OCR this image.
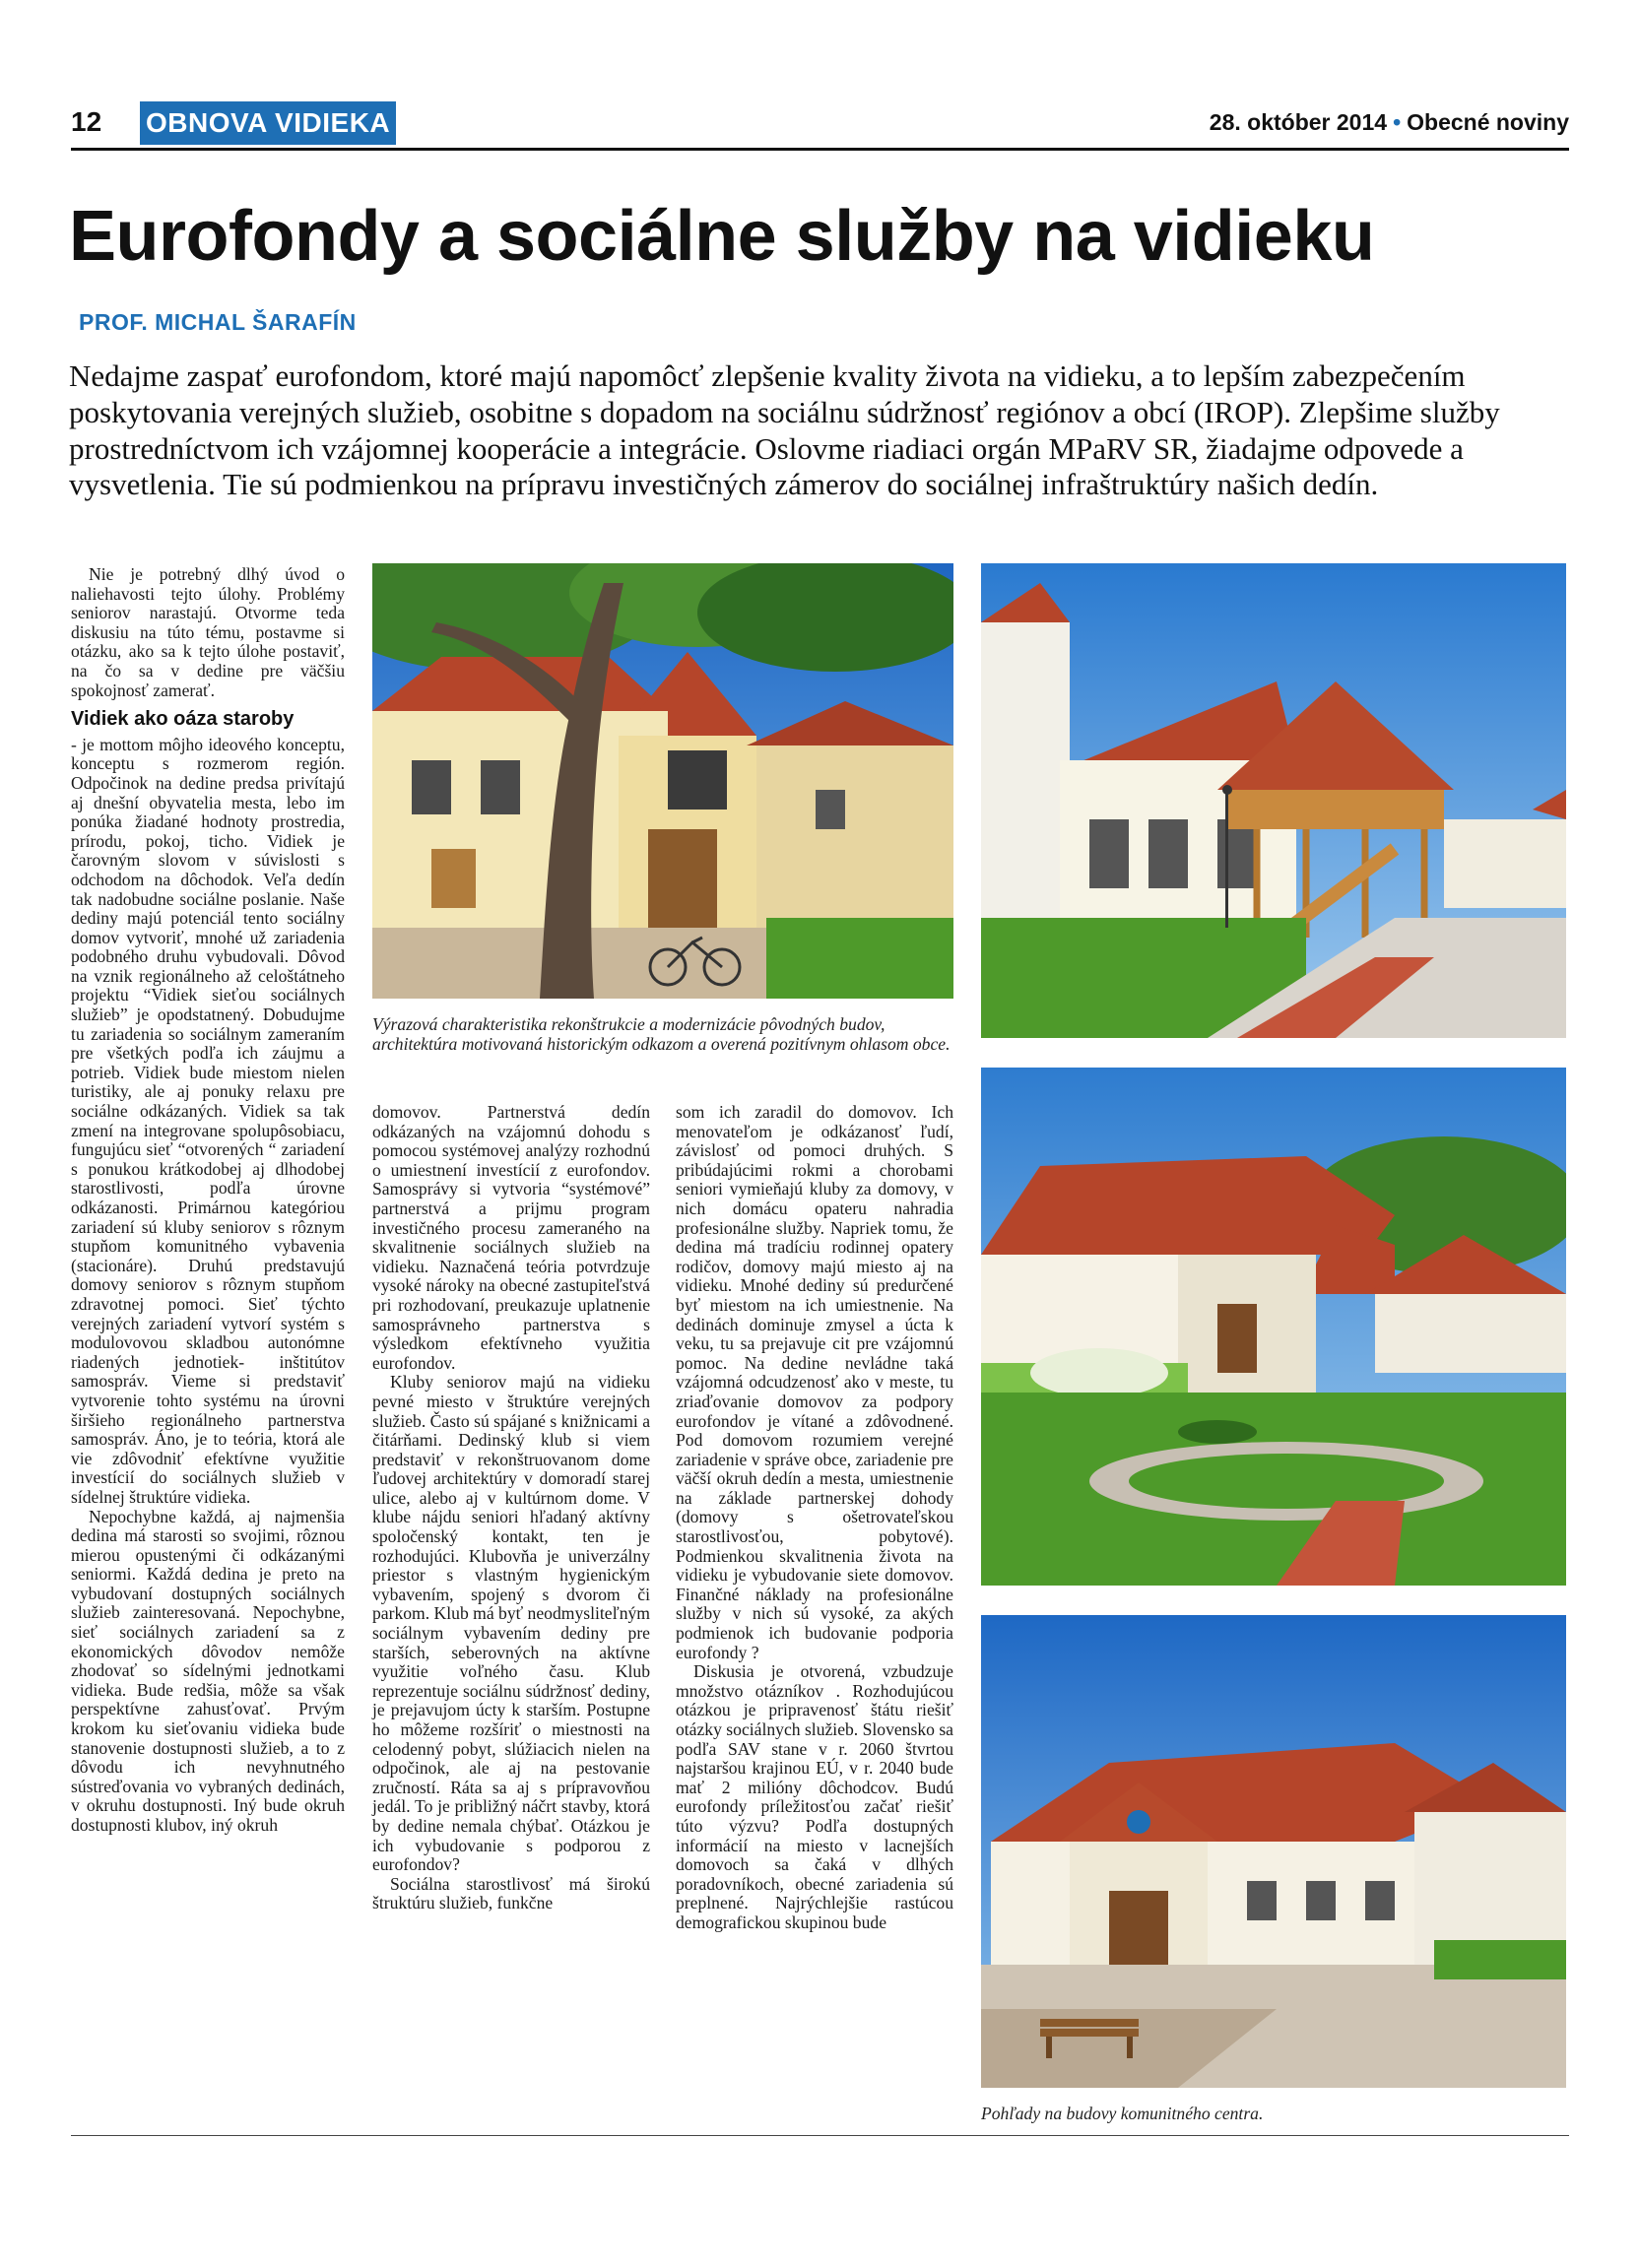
12 OBNOVA VIDIEKA	28. október 2014 • Obecné noviny
Eurofondy a sociálne služby na vidieku
PROF. MICHAL ŠARAFÍN
Nedajme zaspať eurofondom, ktoré majú napomôcť zlepšenie kvality života na vidieku, a to lepším zabezpečením poskytovania verejných služieb, osobitne s dopadom na sociálnu súdržnosť regiónov a obcí (IROP). Zlepšime služby prostredníctvom ich vzájomnej kooperácie a integrácie. Oslovme riadiaci orgán MPaRV SR, žiadajme odpovede a vysvetlenia. Tie sú podmienkou na prípravu investičných zámerov do sociálnej infraštruktúry našich dedín.

Nie je potrebný dlhý úvod o naliehavosti tejto úlohy. Problémy seniorov narastajú. Otvorme teda diskusiu na túto tému, postavme si otázku, ako sa k tejto úlohe postaviť, na čo sa v dedine pre väčšiu spokojnosť zamerať.

Vidiek ako oáza staroby

- je mottom môjho ideového konceptu, konceptu s rozmerom región. Odpočinok na dedine predsa privítajú aj dnešní obyvatelia mesta, lebo im ponúka žiadané hodnoty prostredia, prírodu, pokoj, ticho. Vidiek je čarovným slovom v súvislosti s odchodom na dôchodok. Veľa dedín tak nadobudne sociálne poslanie. Naše dediny majú potenciál tento sociálny domov vytvoriť, mnohé už zariadenia podobného druhu vybudovali. Dôvod na vznik regionálneho až celoštátneho projektu “Vidiek sieťou sociálnych služieb” je opodstatnený. Dobudujme tu zariadenia so sociálnym zameraním pre všetkých podľa ich záujmu a potrieb. Vidiek bude miestom nielen turistiky, ale aj ponuky relaxu pre sociálne odkázaných. Vidiek sa tak zmení na integrovane spolupôsobiacu, fungujúcu sieť “otvorených “ zariadení s ponukou krátkodobej aj dlhodobej starostlivosti, podľa úrovne odkázanosti. Primárnou kategóriou zariadení sú kluby seniorov s rôznym stupňom komunitného vybavenia (stacionáre). Druhú predstavujú domovy seniorov s rôznym stupňom zdravotnej pomoci. Sieť týchto verejných zariadení vytvorí systém s modulovovou skladbou autonómne riadených jednotiek- inštitútov samospráv. Vieme si predstaviť vytvorenie tohto systému na úrovni širšieho regionálneho partnerstva samospráv. Áno, je to teória, ktorá ale vie zdôvodniť efektívne využitie investícií do sociálnych služieb v sídelnej štruktúre vidieka.

Nepochybne každá, aj najmenšia dedina má starosti so svojimi, rôznou mierou opustenými či odkázanými seniormi. Každá dedina je preto na vybudovaní dostupných sociálnych služieb zainteresovaná. Nepochybne, sieť sociálnych zariadení sa z ekonomických dôvodov nemôže zhodovať so sídelnými jednotkami vidieka. Bude redšia, môže sa však perspektívne zahusťovať. Prvým krokom ku sieťovaniu vidieka bude stanovenie dostupnosti služieb, a to z dôvodu ich nevyhnutného sústreďovania vo vybraných dedinách, v okruhu dostupnosti. Iný bude okruh dostupnosti klubov, iný okruh

Výrazová charakteristika rekonštrukcie a modernizácie pôvodných budov, architektúra motivovaná historickým odkazom a overená pozitívnym ohlasom obce.

domovov. Partnerstvá dedín odkázaných na vzájomnú dohodu s pomocou systémovej analýzy rozhodnú o umiestnení investícií z eurofondov. Samosprávy si vytvoria “systémové” partnerstvá a prijmu program investičného procesu zameraného na skvalitnenie sociálnych služieb na vidieku. Naznačená teória potvrdzuje vysoké nároky na obecné zastupiteľstvá pri rozhodovaní, preukazuje uplatnenie samosprávneho partnerstva s výsledkom efektívneho využitia eurofondov.

Kluby seniorov majú na vidieku pevné miesto v štruktúre verejných služieb. Často sú spájané s knižnicami a čitárňami. Dedinský klub si viem predstaviť v rekonštruovanom dome ľudovej architektúry v domoradí starej ulice, alebo aj v kultúrnom dome. V klube nájdu seniori hľadaný aktívny spoločenský kontakt, ten je rozhodujúci. Klubovňa je univerzálny priestor s vlastným hygienickým vybavením, spojený s dvorom či parkom. Klub má byť neodmysliteľným sociálnym vybavením dediny pre starších, seberovných na aktívne využitie voľného času. Klub reprezentuje sociálnu súdržnosť dediny, je prejavujom úcty k starším. Postupne ho môžeme rozšíriť o miestnosti na celodenný pobyt, slúžiacich nielen na odpočinok, ale aj na pestovanie zručností. Ráta sa aj s prípravovňou jedál. To je približný náčrt stavby, ktorá by dedine nemala chýbať. Otázkou je ich vybudovanie s podporou z eurofondov?

Sociálna starostlivosť má širokú štruktúru služieb, funkčne

som ich zaradil do domovov. Ich menovateľom je odkázanosť ľudí, závislosť od pomoci druhých. S pribúdajúcimi rokmi a chorobami seniori vymieňajú kluby za domovy, v nich domácu opateru nahradia profesionálne služby. Napriek tomu, že dedina má tradíciu rodinnej opatery rodičov, domovy majú miesto aj na vidieku. Mnohé dediny sú predurčené byť miestom na ich umiestnenie. Na dedinách dominuje zmysel a úcta k veku, tu sa prejavuje cit pre vzájomnú pomoc. Na dedine nevládne taká vzájomná odcudzenosť ako v meste, tu zriaďovanie domovov za podpory eurofondov je vítané a zdôvodnené. Pod domovom rozumiem verejné zariadenie v správe obce, zariadenie pre väčší okruh dedín a mesta, umiestnenie na základe partnerskej dohody (domovy s ošetrovateľskou starostlivosťou, pobytové). Podmienkou skvalitnenia života na vidieku je vybudovanie siete domovov. Finančné náklady na profesionálne služby v nich sú vysoké, za akých podmienok ich budovanie podporia eurofondy ?

Diskusia je otvorená, vzbudzuje množstvo otázníkov . Rozhodujúcou otázkou je pripravenosť štátu riešiť otázky sociálnych služieb. Slovensko sa podľa SAV stane v r. 2060 štvrtou najstaršou krajinou EÚ, v r. 2040 bude mať 2 milióny dôchodcov. Budú eurofondy príležitosťou začať riešiť túto výzvu? Podľa dostupných informácií na miesto v lacnejších domovoch sa čaká v dlhých poradovníkoch, obecné zariadenia sú preplnené. Najrýchlejšie rastúcou demografickou skupinou bude

Pohľady na budovy komunitného centra.
